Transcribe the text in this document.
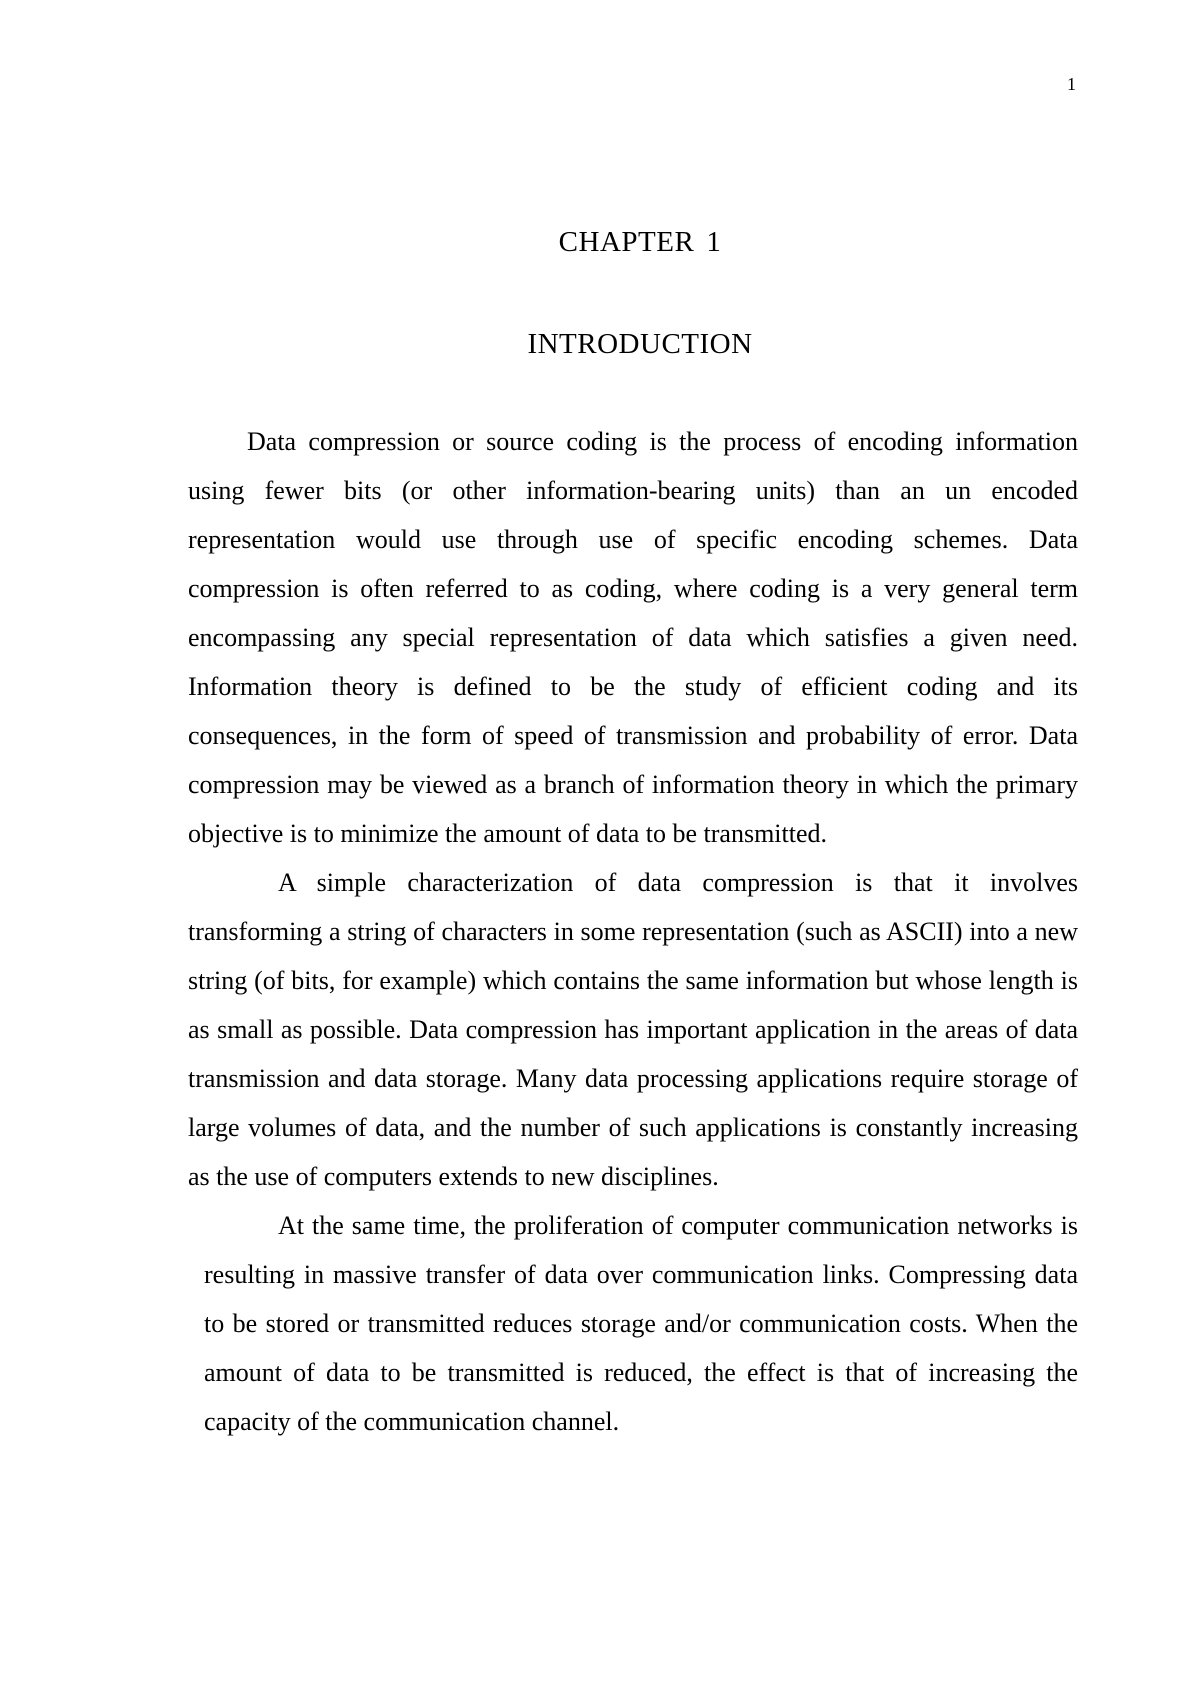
1
CHAPTER 1
INTRODUCTION

Data compression or source coding is the process of encoding information using fewer bits (or other information-bearing units) than an un encoded representation would use through use of specific encoding schemes. Data compression is often referred to as coding, where coding is a very general term encompassing any special representation of data which satisfies a given need. Information theory is defined to be the study of efficient coding and its consequences, in the form of speed of transmission and probability of error. Data compression may be viewed as a branch of information theory in which the primary objective is to minimize the amount of data to be transmitted.

A simple characterization of data compression is that it involves transforming a string of characters in some representation (such as ASCII) into a new string (of bits, for example) which contains the same information but whose length is as small as possible. Data compression has important application in the areas of data transmission and data storage. Many data processing applications require storage of large volumes of data, and the number of such applications is constantly increasing as the use of computers extends to new disciplines.

At the same time, the proliferation of computer communication networks is resulting in massive transfer of data over communication links. Compressing data to be stored or transmitted reduces storage and/or communication costs. When the amount of data to be transmitted is reduced, the effect is that of increasing the capacity of the communication channel.
